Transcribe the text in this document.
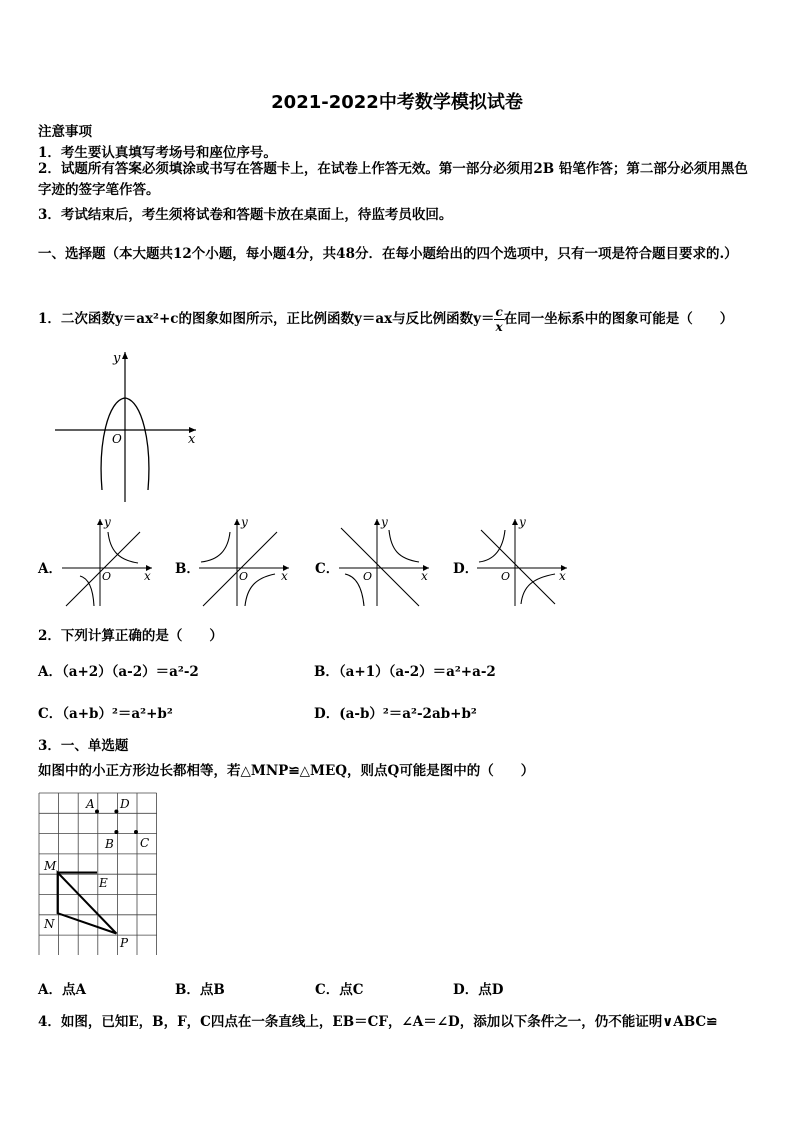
2021-2022中考数学模拟试卷
注意事项
1．考生要认真填写考场号和座位序号。
2．试题所有答案必须填涂或书写在答题卡上，在试卷上作答无效。第一部分必须用2B 铅笔作答；第二部分必须用黑色字迹的签字笔作答。
3．考试结束后，考生须将试卷和答题卡放在桌面上，待监考员收回。
一、选择题（本大题共12个小题，每小题4分，共48分．在每小题给出的四个选项中，只有一项是符合题目要求的.）
1．二次函数y＝ax²+c的图象如图所示，正比例函数y＝ax与反比例函数$y= \frac{c}{x}$ 在同一坐标系中的图象可能是（　　）
y
x
O
A．
y
x
O	B．
y
x
O	C．
y
x
O	D．
y
x
O
2．下列计算正确的是（　　）
A．（a+2）（a-2）＝a²-2	B．（a+1）（a-2）＝a²+a-2
C．（a+b）²＝a²+b²	D．(a-b）²＝a²-2ab+b²
3．一、单选题
如图中的小正方形边长都相等，若△MNP≌△MEQ，则点Q可能是图中的（　　）
A D
B C
M
E
N
P
A．点A	B．点B	C．点C	D．点D
4．如图，已知E，B，F，C四点在一条直线上，EB＝CF，∠A＝∠D，添加以下条件之一，仍不能证明∨ABC≌
